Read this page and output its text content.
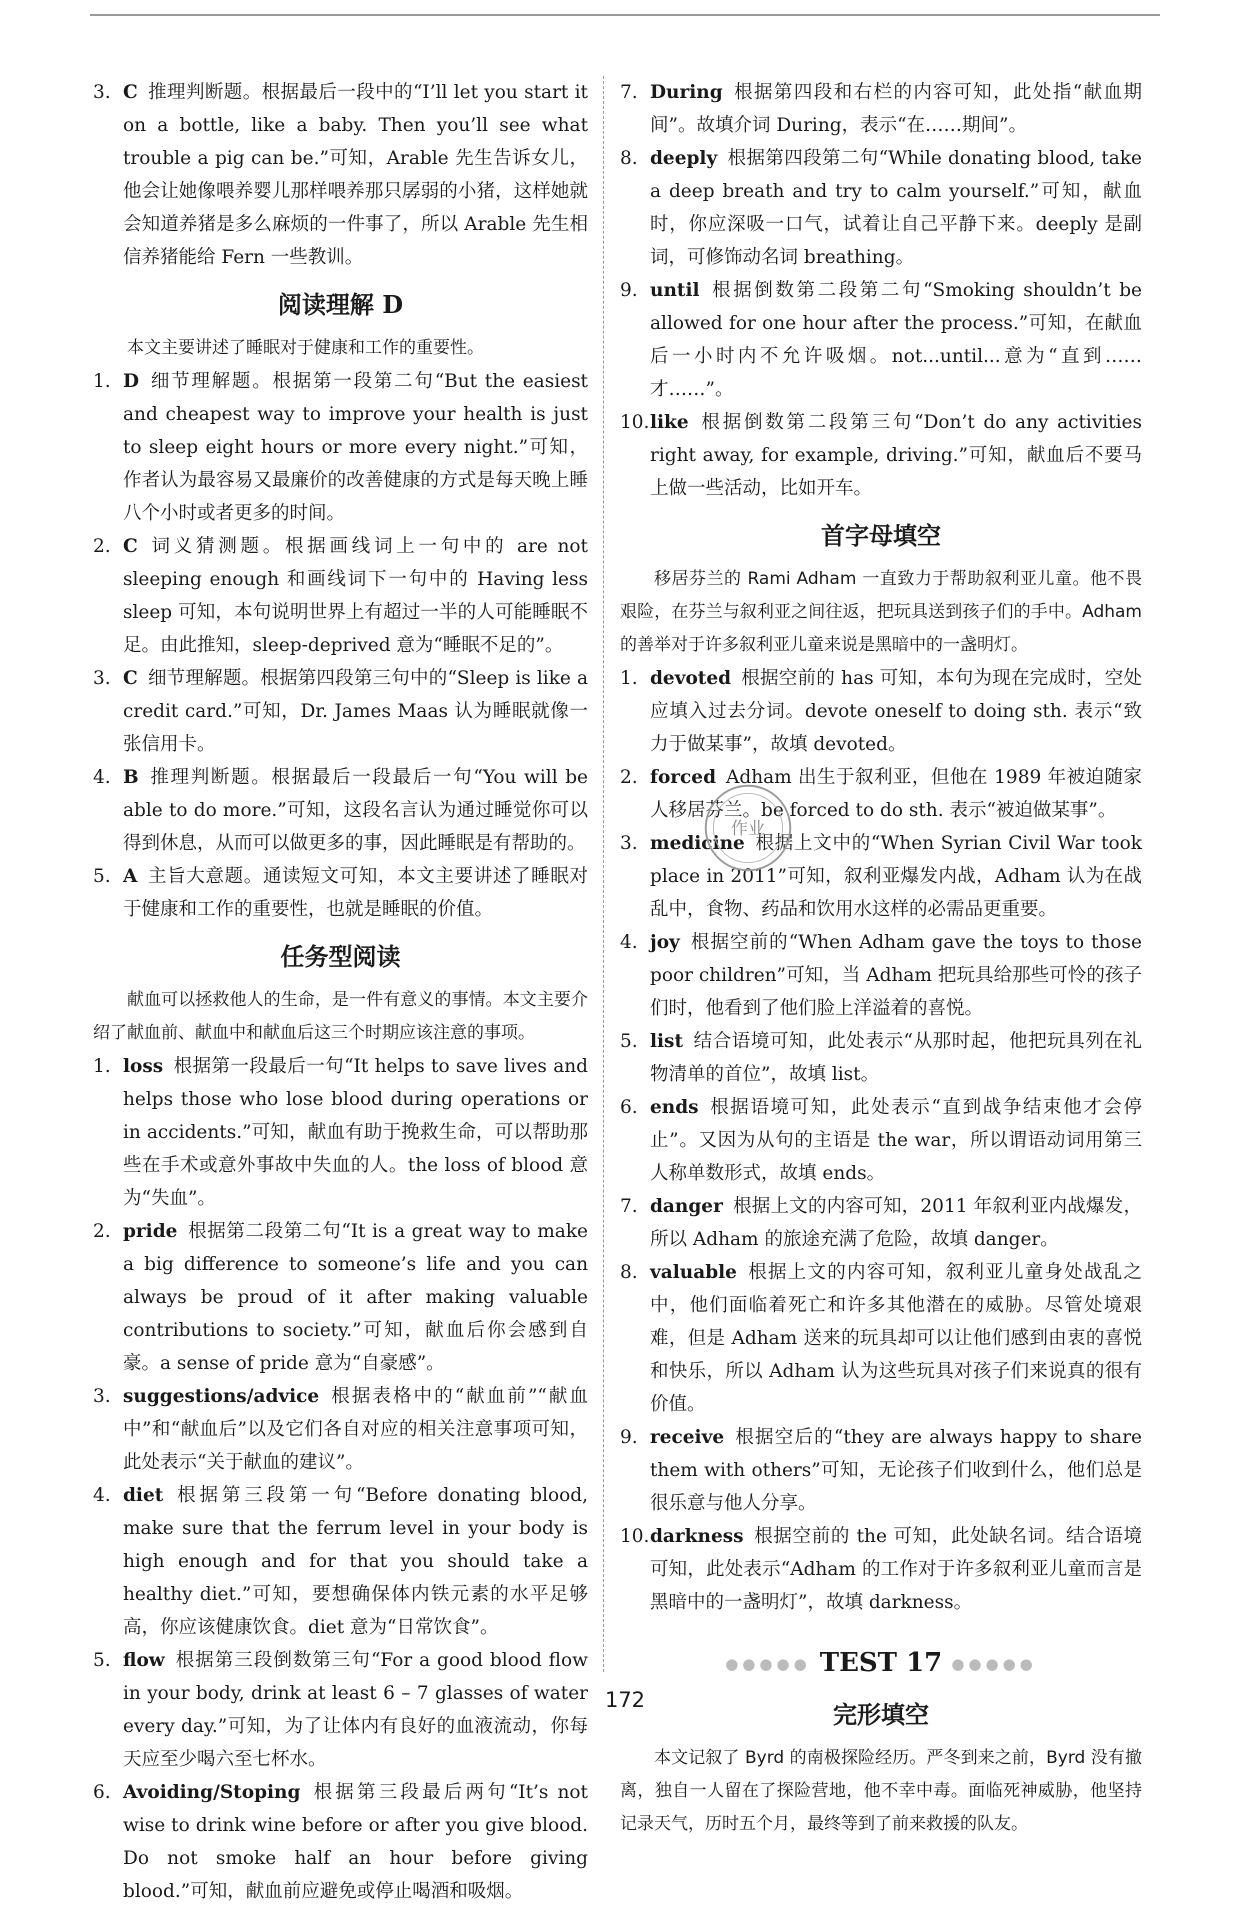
3. C 推理判断题。根据最后一段中的“I’ll let you start it on a bottle, like a baby. Then you’ll see what trouble a pig can be.”可知，Arable 先生告诉女儿，他会让她像喂养婴儿那样喂养那只孱弱的小猪，这样她就会知道养猪是多么麻烦的一件事了，所以 Arable 先生相信养猪能给 Fern 一些教训。
阅读理解 D
本文主要讲述了睡眠对于健康和工作的重要性。
1. D 细节理解题。根据第一段第二句“But the easiest and cheapest way to improve your health is just to sleep eight hours or more every night.”可知，作者认为最容易又最廉价的改善健康的方式是每天晚上睡八个小时或者更多的时间。
2. C 词义猜测题。根据画线词上一句中的 are not sleeping enough 和画线词下一句中的 Having less sleep 可知，本句说明世界上有超过一半的人可能睡眠不足。由此推知，sleep-deprived 意为“睡眠不足的”。
3. C 细节理解题。根据第四段第三句中的“Sleep is like a credit card.”可知，Dr. James Maas 认为睡眠就像一张信用卡。
4. B 推理判断题。根据最后一段最后一句“You will be able to do more.”可知，这段名言认为通过睡觉你可以得到休息，从而可以做更多的事，因此睡眠是有帮助的。
5. A 主旨大意题。通读短文可知，本文主要讲述了睡眠对于健康和工作的重要性，也就是睡眠的价值。
任务型阅读
献血可以拯救他人的生命，是一件有意义的事情。本文主要介绍了献血前、献血中和献血后这三个时期应该注意的事项。
1. loss 根据第一段最后一句“It helps to save lives and helps those who lose blood during operations or in accidents.”可知，献血有助于挽救生命，可以帮助那些在手术或意外事故中失血的人。the loss of blood 意为“失血”。
2. pride 根据第二段第二句“It is a great way to make a big difference to someone’s life and you can always be proud of it after making valuable contributions to society.”可知，献血后你会感到自豪。a sense of pride 意为“自豪感”。
3. suggestions/advice 根据表格中的“献血前”“献血中”和“献血后”以及它们各自对应的相关注意事项可知，此处表示“关于献血的建议”。
4. diet 根据第三段第一句“Before donating blood, make sure that the ferrum level in your body is high enough and for that you should take a healthy diet.”可知，要想确保体内铁元素的水平足够高，你应该健康饮食。diet 意为“日常饮食”。
5. flow 根据第三段倒数第三句“For a good blood flow in your body, drink at least 6 – 7 glasses of water every day.”可知，为了让体内有良好的血液流动，你每天应至少喝六至七杯水。
6. Avoiding/Stoping 根据第三段最后两句“It’s not wise to drink wine before or after you give blood. Do not smoke half an hour before giving blood.”可知，献血前应避免或停止喝酒和吸烟。
7. During 根据第四段和右栏的内容可知，此处指“献血期间”。故填介词 During，表示“在……期间”。
8. deeply 根据第四段第二句“While donating blood, take a deep breath and try to calm yourself.”可知，献血时，你应深吸一口气，试着让自己平静下来。deeply 是副词，可修饰动名词 breathing。
9. until 根据倒数第二段第二句“Smoking shouldn’t be allowed for one hour after the process.”可知，在献血后一小时内不允许吸烟。not...until...意为“直到……才……”。
10.like 根据倒数第二段第三句“Don’t do any activities right away, for example, driving.”可知，献血后不要马上做一些活动，比如开车。
首字母填空
移居芬兰的 Rami Adham 一直致力于帮助叙利亚儿童。他不畏艰险，在芬兰与叙利亚之间往返，把玩具送到孩子们的手中。Adham 的善举对于许多叙利亚儿童来说是黑暗中的一盏明灯。
1. devoted 根据空前的 has 可知，本句为现在完成时，空处应填入过去分词。devote oneself to doing sth. 表示“致力于做某事”，故填 devoted。
2. forced Adham 出生于叙利亚，但他在 1989 年被迫随家人移居芬兰。be forced to do sth. 表示“被迫做某事”。
3. medicine 根据上文中的“When Syrian Civil War took place in 2011”可知，叙利亚爆发内战，Adham 认为在战乱中，食物、药品和饮用水这样的必需品更重要。
4. joy 根据空前的“When Adham gave the toys to those poor children”可知，当 Adham 把玩具给那些可怜的孩子们时，他看到了他们脸上洋溢着的喜悦。
5. list 结合语境可知，此处表示“从那时起，他把玩具列在礼物清单的首位”，故填 list。
6. ends 根据语境可知，此处表示“直到战争结束他才会停止”。又因为从句的主语是 the war，所以谓语动词用第三人称单数形式，故填 ends。
7. danger 根据上文的内容可知，2011 年叙利亚内战爆发，所以 Adham 的旅途充满了危险，故填 danger。
8. valuable 根据上文的内容可知，叙利亚儿童身处战乱之中，他们面临着死亡和许多其他潜在的威胁。尽管处境艰难，但是 Adham 送来的玩具却可以让他们感到由衷的喜悦和快乐，所以 Adham 认为这些玩具对孩子们来说真的很有价值。
9. receive 根据空后的“they are always happy to share them with others”可知，无论孩子们收到什么，他们总是很乐意与他人分享。
10.darkness 根据空前的 the 可知，此处缺名词。结合语境可知，此处表示“Adham 的工作对于许多叙利亚儿童而言是黑暗中的一盏明灯”，故填 darkness。
●●●●● TEST 17 ●●●●●
完形填空
本文记叙了 Byrd 的南极探险经历。严冬到来之前，Byrd 没有撤离，独自一人留在了探险营地，他不幸中毒。面临死神威胁，他坚持记录天气，历时五个月，最终等到了前来救援的队友。
作业
172
